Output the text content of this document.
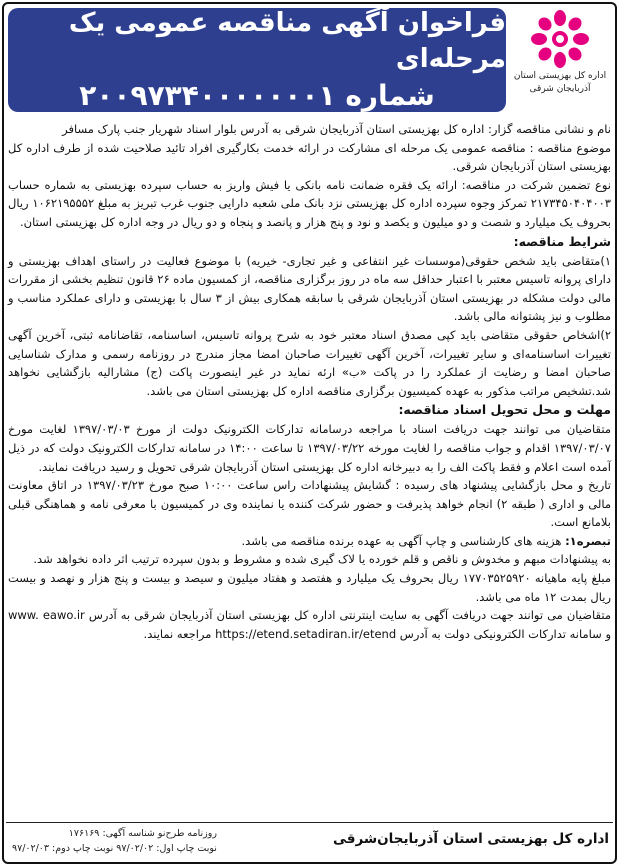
فراخوان آگهی مناقصه عمومی یک مرحله‌ای
شماره ۲۰۰۹۷۳۴۰۰۰۰۰۰۰۱
اداره کل بهزیستی استان
آذربایجان شرقی

نام و نشانی مناقصه گزار: اداره کل بهزیستی استان آذربایجان شرقی به آدرس بلوار اسناد شهریار جنب پارک مسافر

موضوع مناقصه : مناقصه عمومی یک مرحله ای مشارکت در ارائه خدمت بکارگیری افراد تائید صلاحیت شده از طرف اداره کل بهزیستی استان آذربایجان شرقی.

نوع تضمین شرکت در مناقصه: ارائه یک فقره ضمانت نامه بانکی یا فیش واریز به حساب سپرده بهزیستی به شماره حساب ۲۱۷۳۴۵۰۴۰۴۰۰۳ تمرکز وجوه سپرده اداره کل بهزیستی نزد بانک ملی شعبه دارایی جنوب غرب تبریز به مبلغ ۱۰۶۲۱۹۵۵۵۲ ریال بحروف یک میلیارد و شصت و دو میلیون و یکصد و نود و پنج هزار و پانصد و پنجاه و دو ریال در وجه اداره کل بهزیستی استان.

شرایط مناقصه:

۱)متقاضی باید شخص حقوقی(موسسات غیر انتفاعی و غیر تجاری- خیریه) با موضوع فعالیت در راستای اهداف بهزیستی و دارای پروانه تاسیس معتبر با اعتبار حداقل سه ماه در روز برگزاری مناقصه، از کمسیون ماده ۲۶ قانون تنظیم بخشی از مقررات مالی دولت مشکله در بهزیستی استان آذربایجان شرقی با سابقه همکاری بیش از ۳ سال با بهزیستی و دارای عملکرد مناسب و مطلوب و نیز پشتوانه مالی باشد.

۲)اشخاص حقوقی متقاضی باید کپی مصدق اسناد معتبر خود به شرح پروانه تاسیس، اساسنامه، تقاضانامه ثبتی، آخرین آگهی تغییرات اساسنامه‌ای و سایر تغییرات، آخرین آگهی تغییرات صاحبان امضا مجاز مندرج در روزنامه رسمی و مدارک شناسایی صاحبان امضا و رضایت از عملکرد را در پاکت «ب» ارئه نماید در غیر اینصورت پاکت (ج) مشارالیه بازگشایی نخواهد شد.تشخیص مراتب مذکور به عهده کمیسیون برگزاری مناقصه اداره کل بهزیستی استان می باشد.

مهلت و محل تحویل اسناد مناقصه:

متقاضیان می توانند جهت دریافت اسناد با مراجعه درسامانه تدارکات الکترونیک دولت از مورخ ۱۳۹۷/۰۳/۰۳ لغایت مورخ ۱۳۹۷/۰۳/۰۷ اقدام و جواب مناقصه را لغایت مورخه ۱۳۹۷/۰۳/۲۲ تا ساعت ۱۴:۰۰ در سامانه تدارکات الکترونیک دولت که در ذیل آمده است اعلام و فقط پاکت الف را به دبیرخانه اداره کل بهزیستی استان آذربایجان شرقی تحویل و رسید دریافت نمایند.

تاریخ و محل بازگشایی پیشنهاد های رسیده : گشایش پیشنهادات راس ساعت ۱۰:۰۰ صبح مورخ ۱۳۹۷/۰۳/۲۳ در اتاق معاونت مالی و اداری ( طبقه ۲) انجام خواهد پذیرفت و حضور شرکت کننده یا نماینده وی در کمیسیون با معرفی نامه و هماهنگی قبلی بلامانع است.

تبصره۱: هزینه های کارشناسی و چاپ آگهی به عهده برنده مناقصه می باشد.

به پیشنهادات مبهم و مخدوش و ناقص و قلم خورده یا لاک گیری شده و مشروط و بدون سپرده ترتیب اثر داده نخواهد شد.

مبلغ پایه ماهیانه ۱۷۷۰۳۵۲۵۹۲۰ ریال بحروف یک میلیارد و هفتصد و هفتاد میلیون و سیصد و بیست و پنج هزار و نهصد و بیست ریال بمدت ۱۲ ماه می باشد.

متقاضیان می توانند جهت دریافت آگهی به سایت اینترنتی اداره کل بهزیستی استان آذربایجان شرقی به آدرس www. eawo.ir و سامانه تدارکات الکترونیکی دولت به آدرس https://etend.setadiran.ir/etend مراجعه نمایند.

اداره کل بهزیستی استان آذربایجان‌شرقی
روزنامه طرح‌نو شناسه آگهی: ۱۷۶۱۶۹
نوبت چاپ اول: ۹۷/۰۲/۰۲ نوبت چاپ دوم: ۹۷/۰۲/۰۳
